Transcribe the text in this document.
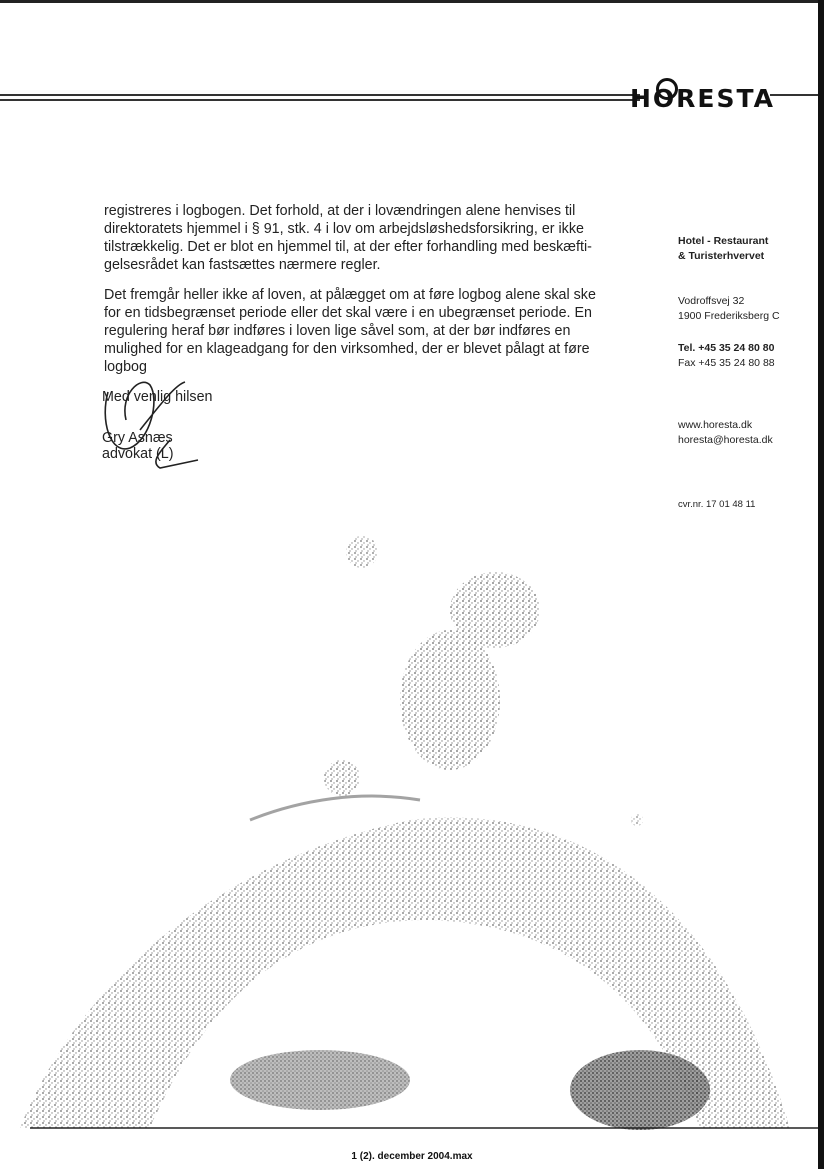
HORESTA

registreres i logbogen. Det forhold, at der i lovændringen alene henvises til direktoratets hjemmel i § 91, stk. 4 i lov om arbejdsløshedsforsikring, er ikke tilstrækkelig. Det er blot en hjemmel til, at der efter forhandling med beskæfti-gelsesrådet kan fastsættes nærmere regler.

Det fremgår heller ikke af loven, at pålægget om at føre logbog alene skal ske for en tidsbegrænset periode eller det skal være i en ubegrænset periode. En regulering heraf bør indføres i loven lige såvel som, at der bør indføres en mulighed for en klageadgang for den virksomhed, der er blevet pålagt at føre logbog

Med venlig hilsen
Gry Asnæs
advokat (L)
Hotel - Restaurant
& Turisterhvervet
Vodroffsvej 32
1900 Frederiksberg C
Tel. +45 35 24 80 80
Fax +45 35 24 80 88
www.horesta.dk
horesta@horesta.dk
cvr.nr. 17 01 48 11
1 (2). december 2004.max
